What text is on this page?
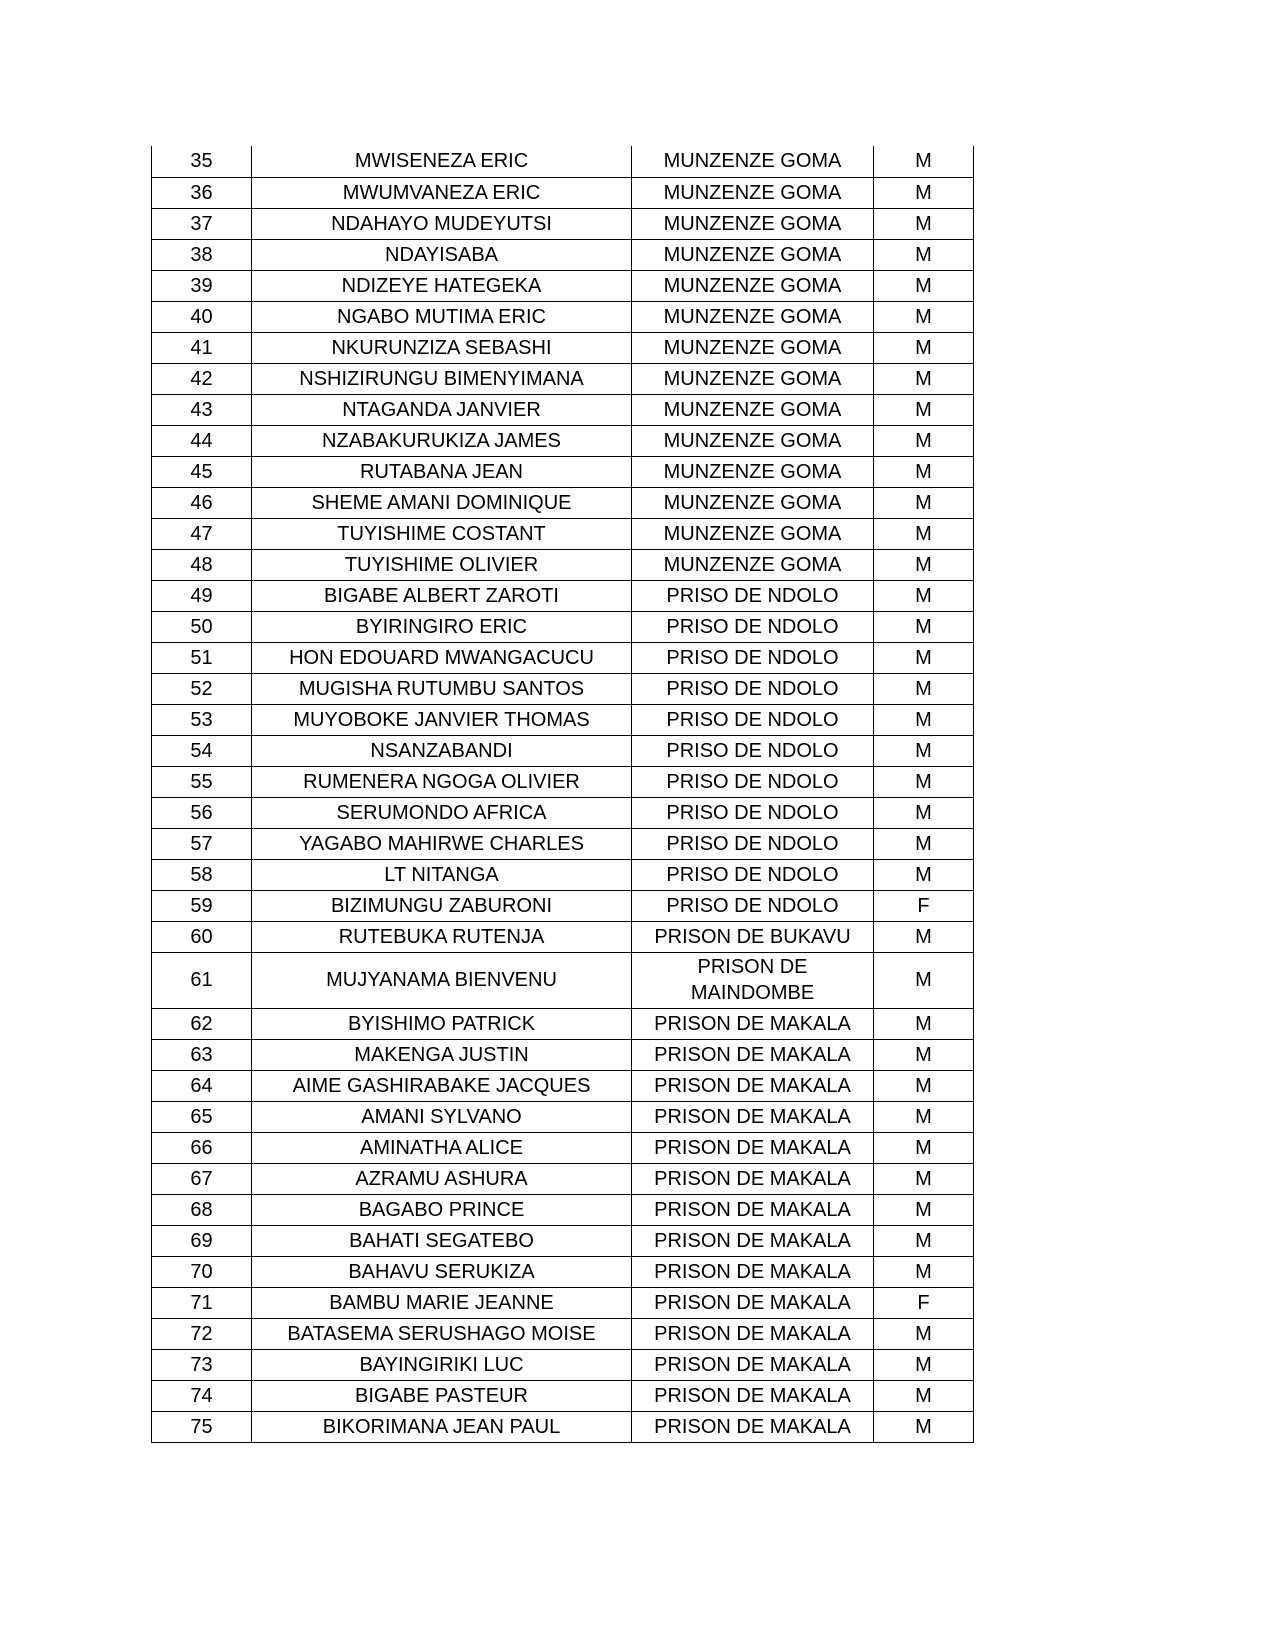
35	MWISENEZA ERIC	MUNZENZE GOMA	M
36	MWUMVANEZA ERIC	MUNZENZE GOMA	M
37	NDAHAYO MUDEYUTSI	MUNZENZE GOMA	M
38	NDAYISABA	MUNZENZE GOMA	M
39	NDIZEYE HATEGEKA	MUNZENZE GOMA	M
40	NGABO MUTIMA ERIC	MUNZENZE GOMA	M
41	NKURUNZIZA SEBASHI	MUNZENZE GOMA	M
42	NSHIZIRUNGU BIMENYIMANA	MUNZENZE GOMA	M
43	NTAGANDA JANVIER	MUNZENZE GOMA	M
44	NZABAKURUKIZA JAMES	MUNZENZE GOMA	M
45	RUTABANA JEAN	MUNZENZE GOMA	M
46	SHEME AMANI DOMINIQUE	MUNZENZE GOMA	M
47	TUYISHIME COSTANT	MUNZENZE GOMA	M
48	TUYISHIME OLIVIER	MUNZENZE GOMA	M
49	BIGABE ALBERT ZAROTI	PRISO DE NDOLO	M
50	BYIRINGIRO ERIC	PRISO DE NDOLO	M
51	HON EDOUARD MWANGACUCU	PRISO DE NDOLO	M
52	MUGISHA RUTUMBU SANTOS	PRISO DE NDOLO	M
53	MUYOBOKE JANVIER THOMAS	PRISO DE NDOLO	M
54	NSANZABANDI	PRISO DE NDOLO	M
55	RUMENERA NGOGA OLIVIER	PRISO DE NDOLO	M
56	SERUMONDO AFRICA	PRISO DE NDOLO	M
57	YAGABO MAHIRWE CHARLES	PRISO DE NDOLO	M
58	LT NITANGA	PRISO DE NDOLO	M
59	BIZIMUNGU ZABURONI	PRISO DE NDOLO	F
60	RUTEBUKA RUTENJA	PRISON DE BUKAVU	M
61	MUJYANAMA BIENVENU	PRISON DE MAINDOMBE	M
62	BYISHIMO PATRICK	PRISON DE MAKALA	M
63	MAKENGA JUSTIN	PRISON DE MAKALA	M
64	AIME GASHIRABAKE JACQUES	PRISON DE MAKALA	M
65	AMANI SYLVANO	PRISON DE MAKALA	M
66	AMINATHA ALICE	PRISON DE MAKALA	M
67	AZRAMU ASHURA	PRISON DE MAKALA	M
68	BAGABO PRINCE	PRISON DE MAKALA	M
69	BAHATI SEGATEBO	PRISON DE MAKALA	M
70	BAHAVU SERUKIZA	PRISON DE MAKALA	M
71	BAMBU MARIE JEANNE	PRISON DE MAKALA	F
72	BATASEMA SERUSHAGO MOISE	PRISON DE MAKALA	M
73	BAYINGIRIKI LUC	PRISON DE MAKALA	M
74	BIGABE PASTEUR	PRISON DE MAKALA	M
75	BIKORIMANA JEAN PAUL	PRISON DE MAKALA	M
